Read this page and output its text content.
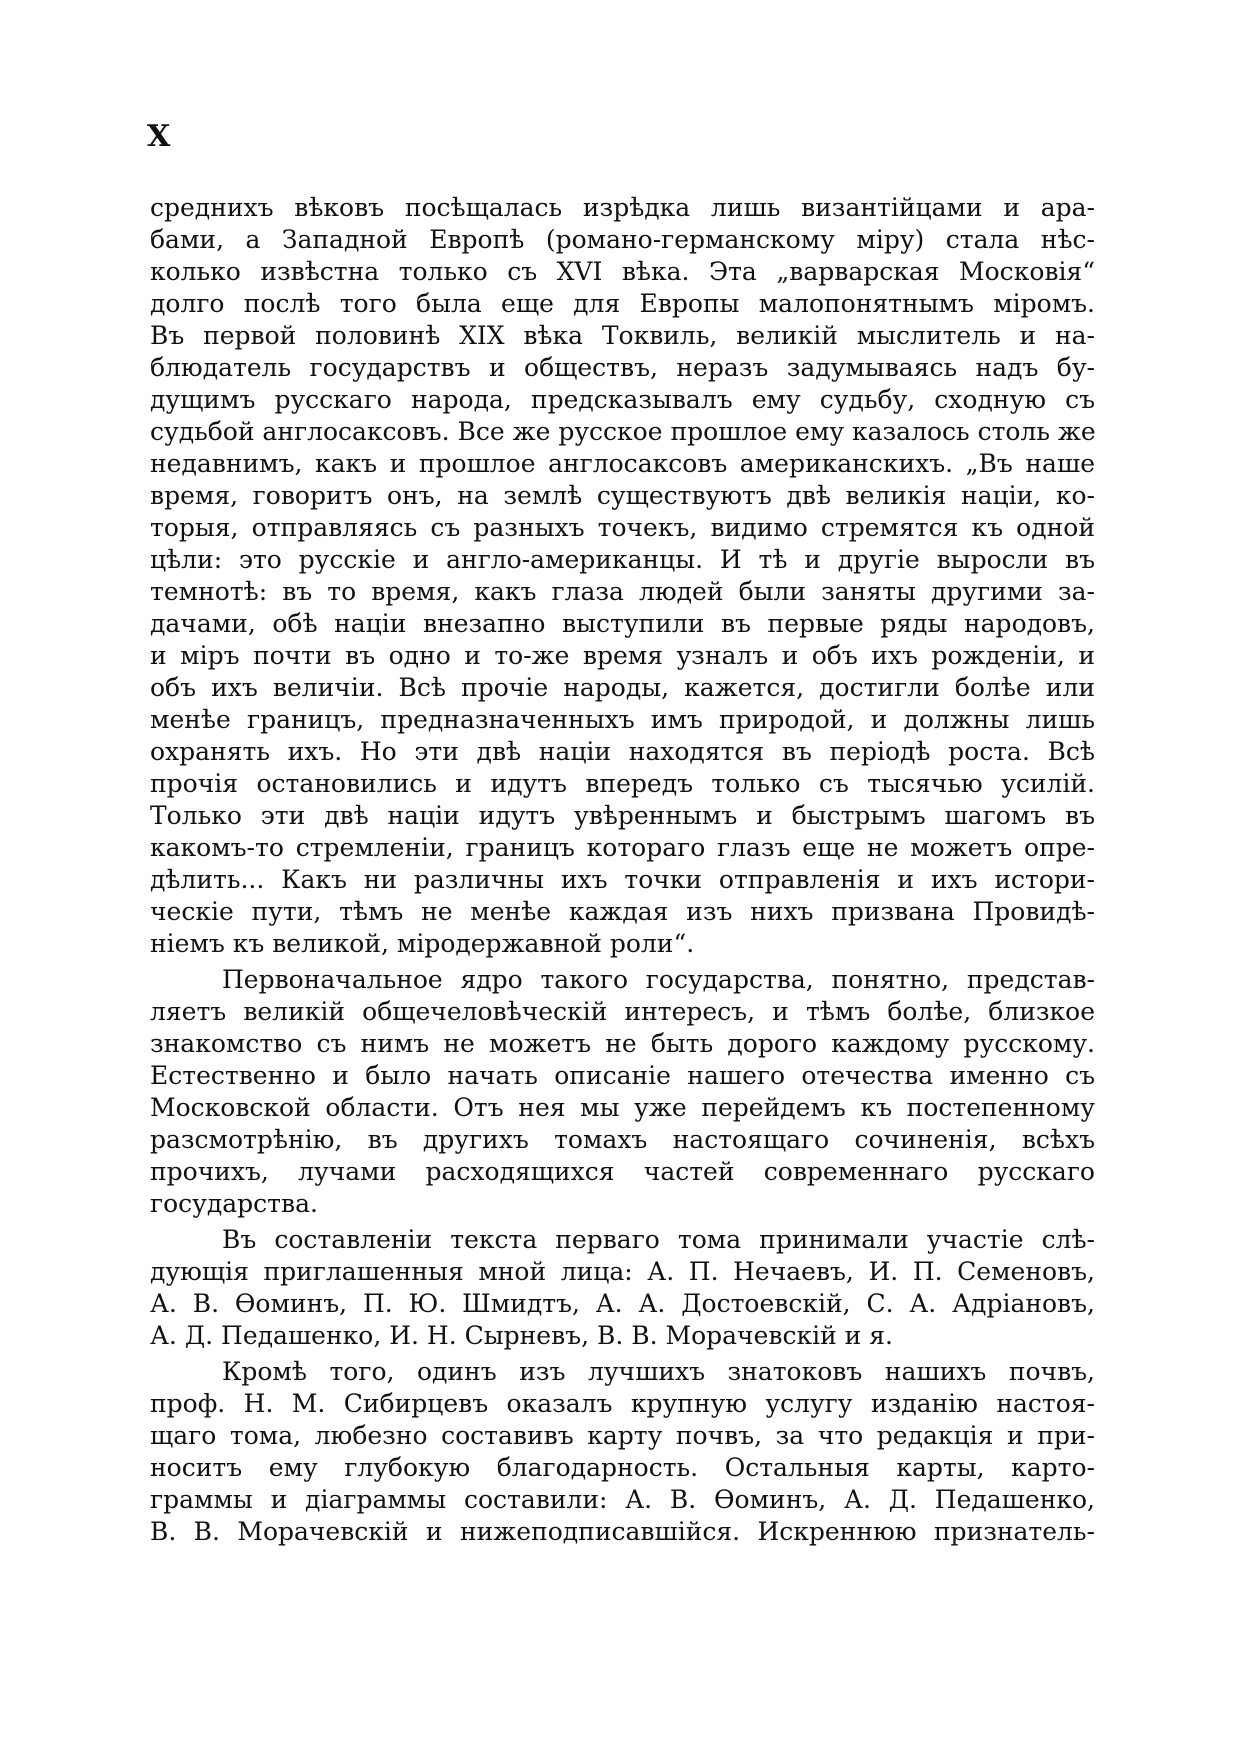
X
среднихъ вѣковъ посѣщалась изрѣдка лишь византійцами и ара-
бами, а Западной Европѣ (романо-германскому міру) стала нѣс-
колько извѣстна только съ XVI вѣка. Эта „варварская Московія“
долго послѣ того была еще для Европы малопонятнымъ міромъ.
Въ первой половинѣ XIX вѣка Токвиль, великій мыслитель и на-
блюдатель государствъ и обществъ, неразъ задумываясь надъ бу-
дущимъ русскаго народа, предсказывалъ ему судьбу, сходную съ
судьбой англосаксовъ. Все же русское прошлое ему казалось столь же
недавнимъ, какъ и прошлое англосаксовъ американскихъ. „Въ наше
время, говоритъ онъ, на землѣ существуютъ двѣ великія націи, ко-
торыя, отправляясь съ разныхъ точекъ, видимо стремятся къ одной
цѣли: это русскіе и англо-американцы. И тѣ и другіе выросли въ
темнотѣ: въ то время, какъ глаза людей были заняты другими за-
дачами, обѣ націи внезапно выступили въ первые ряды народовъ,
и міръ почти въ одно и то-же время узналъ и объ ихъ рожденіи, и
объ ихъ величіи. Всѣ прочіе народы, кажется, достигли болѣе или
менѣе границъ, предназначенныхъ имъ природой, и должны лишь
охранять ихъ. Но эти двѣ націи находятся въ періодѣ роста. Всѣ
прочія остановились и идутъ впередъ только съ тысячью усилій.
Только эти двѣ націи идутъ увѣреннымъ и быстрымъ шагомъ въ
какомъ-то стремленіи, границъ котораго глазъ еще не можетъ опре-
дѣлить... Какъ ни различны ихъ точки отправленія и ихъ истори-
ческіе пути, тѣмъ не менѣе каждая изъ нихъ призвана Провидѣ-
ніемъ къ великой, міродержавной роли“.
Первоначальное ядро такого государства, понятно, представ-
ляетъ великій общечеловѣческій интересъ, и тѣмъ болѣе, близкое
знакомство съ нимъ не можетъ не быть дорого каждому русскому.
Естественно и было начать описаніе нашего отечества именно съ
Московской области. Отъ нея мы уже перейдемъ къ постепенному
разсмотрѣнію, въ другихъ томахъ настоящаго сочиненія, всѣхъ
прочихъ, лучами расходящихся частей современнаго русскаго
государства.
Въ составленіи текста перваго тома принимали участіе слѣ-
дующія приглашенныя мной лица: А. П. Нечаевъ, И. П. Семеновъ,
А. В. Ѳоминъ, П. Ю. Шмидтъ, А. А. Достоевскій, С. А. Адріановъ,
А. Д. Педашенко, И. Н. Сырневъ, В. В. Морачевскій и я.
Кромѣ того, одинъ изъ лучшихъ знатоковъ нашихъ почвъ,
проф. Н. М. Сибирцевъ оказалъ крупную услугу изданію настоя-
щаго тома, любезно составивъ карту почвъ, за что редакція и при-
носитъ ему глубокую благодарность. Остальныя карты, карто-
граммы и діаграммы составили: А. В. Ѳоминъ, А. Д. Педашенко,
В. В. Морачевскій и нижеподписавшійся. Искреннюю признатель-
